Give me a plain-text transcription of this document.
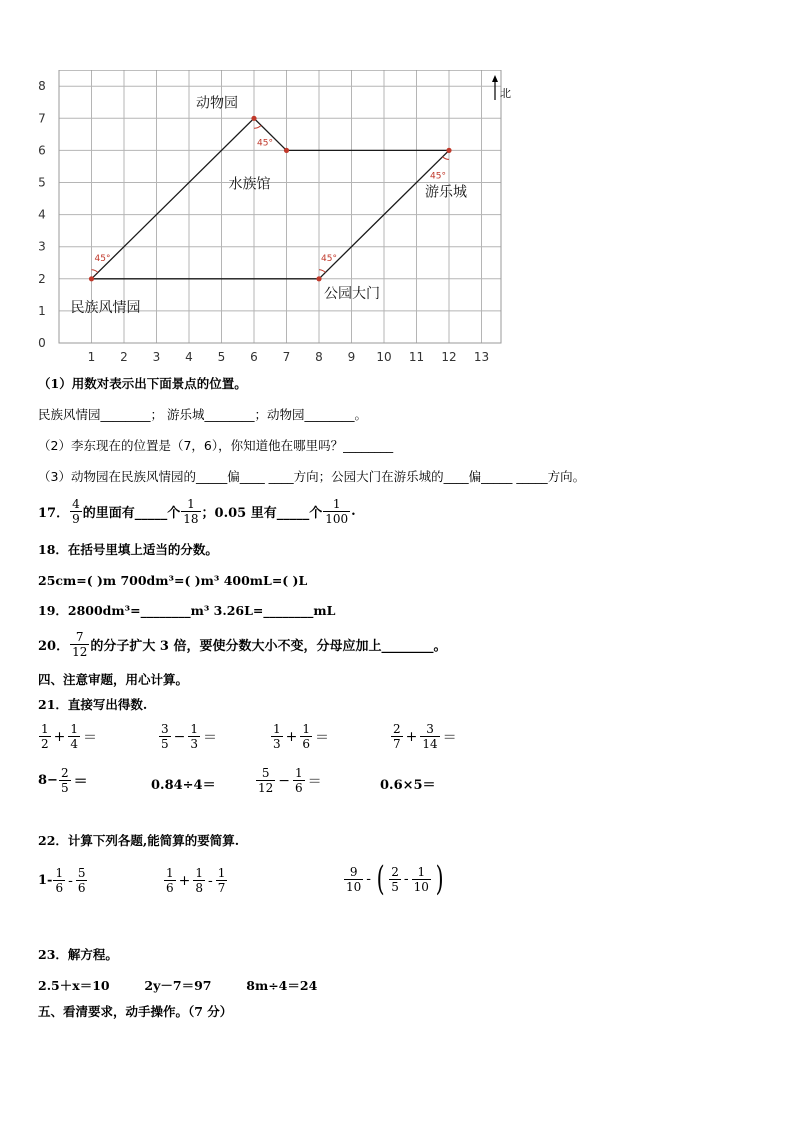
0
1
2
3
4
5
6
7
8
1 2 3 4 5 6 7 8 9 10 11 12 13
北
45°	45°
45°
45°
动物园
水族馆	游乐城
民族风情园
公园大门
（1）用数对表示出下面景点的位置。
民族风情园________； 游乐城________；动物园________。
（2）李东现在的位置是（7，6），你知道他在哪里吗？________
（3）动物园在民族风情园的_____偏____ ____方向；公园大门在游乐城的____偏_____ _____方向。
17． $\frac{4}{9}$ 的里面有_____个 $\frac{1}{18}$ ；0.05 里有_____个 $\frac{1}{100}$ .
18．在括号里填上适当的分数。
25cm=( )m 700dm³=( )m³ 400mL=( )L
19．2800dm³=________m³ 3.26L=________mL
20． $\frac{7}{12}$ 的分子扩大 3 倍，要使分数大小不变，分母应加上________。
四、注意审题，用心计算。
21．直接写出得数.
$\frac{1}{2} + \frac{1}{4}$ ＝	$\frac{3}{5} - \frac{1}{3}$ ＝	$\frac{1}{3} + \frac{1}{6}$ ＝	$\frac{2}{7} + \frac{3}{14}$ ＝
$8- \frac{2}{5}$ ＝	0.84÷4＝	$\frac{5}{12} - \frac{1}{6}$ ＝	0.6×5＝
22．计算下列各题,能简算的要简算.
$1- \frac{1}{6} - \frac{5}{6}$	$\frac{1}{6} + \frac{1}{8} - \frac{1}{7}$	$\frac{9}{10}$ - ( $\frac{2}{5} - \frac{1}{10}$ )
23．解方程。
2.5＋x＝10        2y－7＝97        8m÷4＝24
五、看清要求，动手操作。（7 分）
